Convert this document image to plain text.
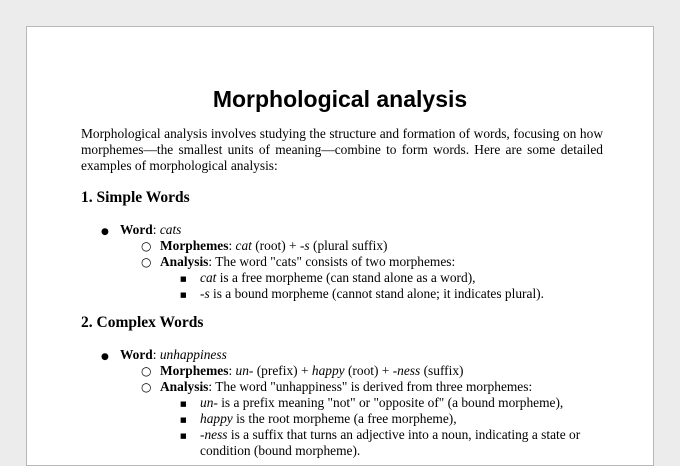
Morphological analysis
Morphological analysis involves studying the structure and formation of words, focusing on how morphemes—the smallest units of meaning—combine to form words. Here are some detailed examples of morphological analysis:
1. Simple Words
● Word: cats
○ Morphemes: cat (root) + -s (plural suffix)
○ Analysis: The word "cats" consists of two morphemes:
■ cat is a free morpheme (can stand alone as a word),
■ -s is a bound morpheme (cannot stand alone; it indicates plural).
2. Complex Words
● Word: unhappiness
○ Morphemes: un- (prefix) + happy (root) + -ness (suffix)
○ Analysis: The word "unhappiness" is derived from three morphemes:
■ un- is a prefix meaning "not" or "opposite of" (a bound morpheme),
■ happy is the root morpheme (a free morpheme),
■ -ness is a suffix that turns an adjective into a noun, indicating a state or condition (bound morpheme).
